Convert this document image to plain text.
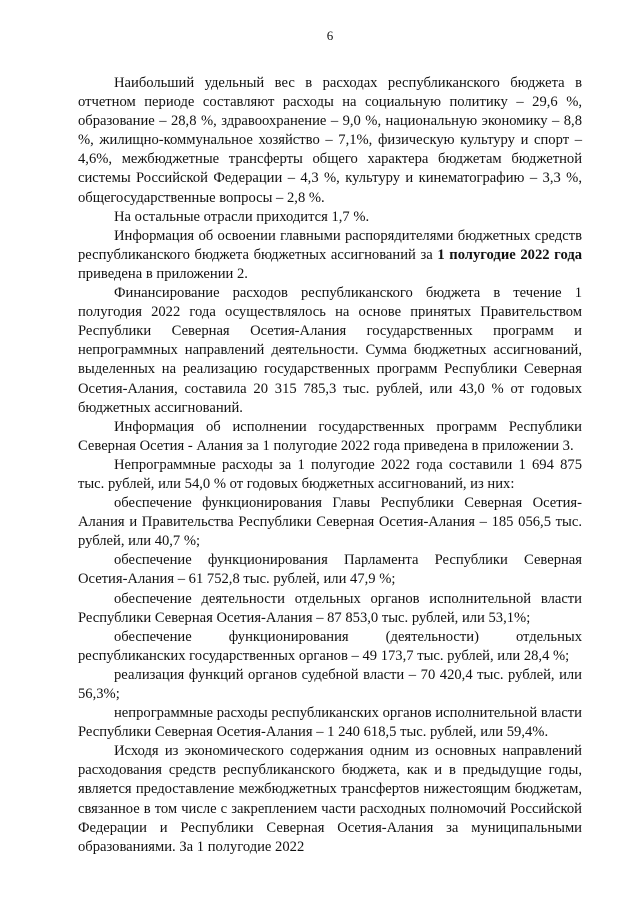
6

Наибольший удельный вес в расходах республиканского бюджета в отчетном периоде составляют расходы на социальную политику – 29,6 %, образование – 28,8 %, здравоохранение – 9,0 %, национальную экономику – 8,8 %, жилищно-коммунальное хозяйство – 7,1%, физическую культуру и спорт – 4,6%, межбюджетные трансферты общего характера бюджетам бюджетной системы Российской Федерации – 4,3 %, культуру и кинематографию – 3,3 %, общегосударственные вопросы – 2,8 %.

На остальные отрасли приходится 1,7 %.

Информация об освоении главными распорядителями бюджетных средств республиканского бюджета бюджетных ассигнований за 1 полугодие 2022 года приведена в приложении 2.

Финансирование расходов республиканского бюджета в течение 1 полугодия 2022 года осуществлялось на основе принятых Правительством Республики Северная Осетия-Алания государственных программ и непрограммных направлений деятельности. Сумма бюджетных ассигнований, выделенных на реализацию государственных программ Республики Северная Осетия-Алания, составила 20 315 785,3 тыс. рублей, или 43,0 % от годовых бюджетных ассигнований.

Информация об исполнении государственных программ Республики Северная Осетия - Алания за 1 полугодие 2022 года приведена в приложении 3.

Непрограммные расходы за 1 полугодие 2022 года составили 1 694 875 тыс. рублей, или 54,0 % от годовых бюджетных ассигнований, из них:

обеспечение функционирования Главы Республики Северная Осетия-Алания и Правительства Республики Северная Осетия-Алания – 185 056,5 тыс. рублей, или 40,7 %;

обеспечение функционирования Парламента Республики Северная Осетия-Алания – 61 752,8 тыс. рублей, или 47,9 %;

обеспечение деятельности отдельных органов исполнительной власти Республики Северная Осетия-Алания – 87 853,0 тыс. рублей, или 53,1%;

обеспечение функционирования (деятельности) отдельных республиканских государственных органов – 49 173,7 тыс. рублей, или 28,4 %;

реализация функций органов судебной власти – 70 420,4 тыс. рублей, или 56,3%;

непрограммные расходы республиканских органов исполнительной власти Республики Северная Осетия-Алания – 1 240 618,5 тыс. рублей, или 59,4%.

Исходя из экономического содержания одним из основных направлений расходования средств республиканского бюджета, как и в предыдущие годы, является предоставление межбюджетных трансфертов нижестоящим бюджетам, связанное в том числе с закреплением части расходных полномочий Российской Федерации и Республики Северная Осетия-Алания за муниципальными образованиями. За 1 полугодие 2022
